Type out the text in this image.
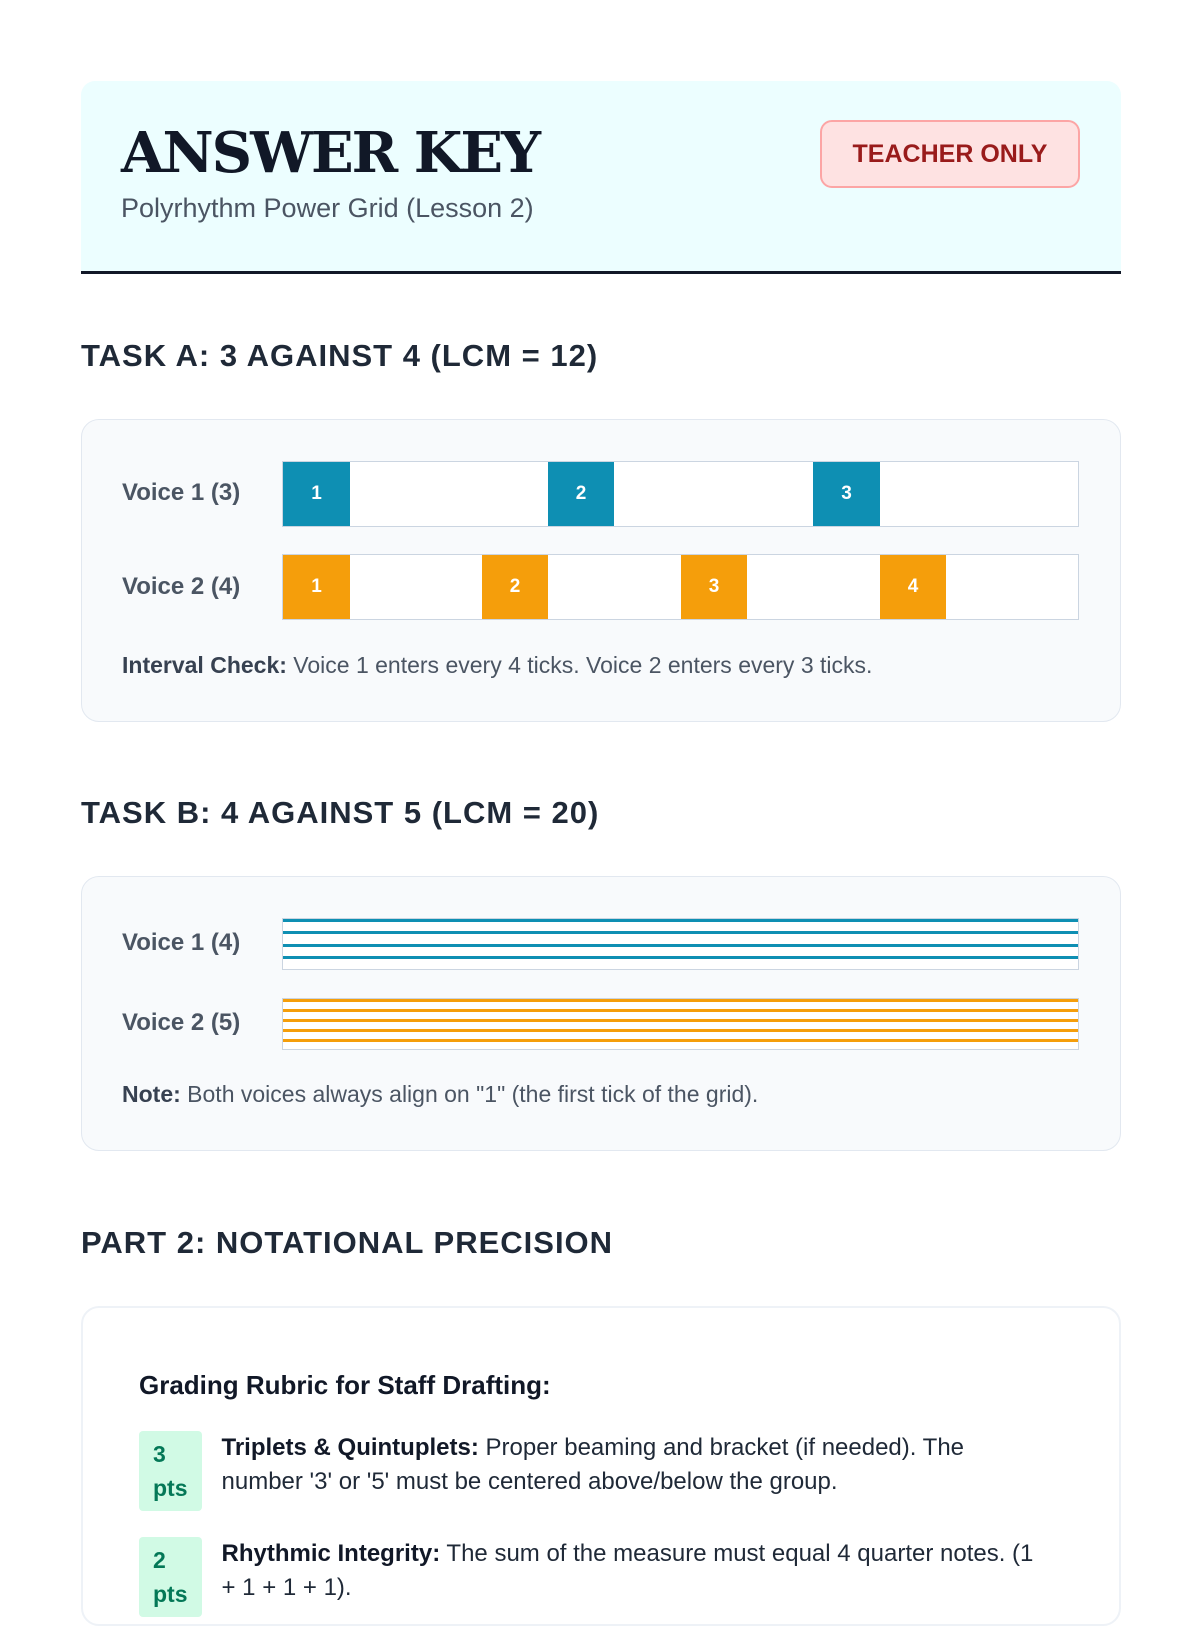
ANSWER KEY
Polyrhythm Power Grid (Lesson 2)
TEACHER ONLY
TASK A: 3 AGAINST 4 (LCM = 12)
Voice 1 (3)	1	2	3
Voice 2 (4)	1	2	3	4
Interval Check: Voice 1 enters every 4 ticks. Voice 2 enters every 3 ticks.
TASK B: 4 AGAINST 5 (LCM = 20)
Voice 1 (4)
Voice 2 (5)
Note: Both voices always align on "1" (the first tick of the grid).
PART 2: NOTATIONAL PRECISION
Grading Rubric for Staff Drafting:
3
pts
Triplets & Quintuplets: Proper beaming and bracket (if needed). The number '3' or '5' must be centered above/below the group.
2
pts
Rhythmic Integrity: The sum of the measure must equal 4 quarter notes. (1 + 1 + 1 + 1).
